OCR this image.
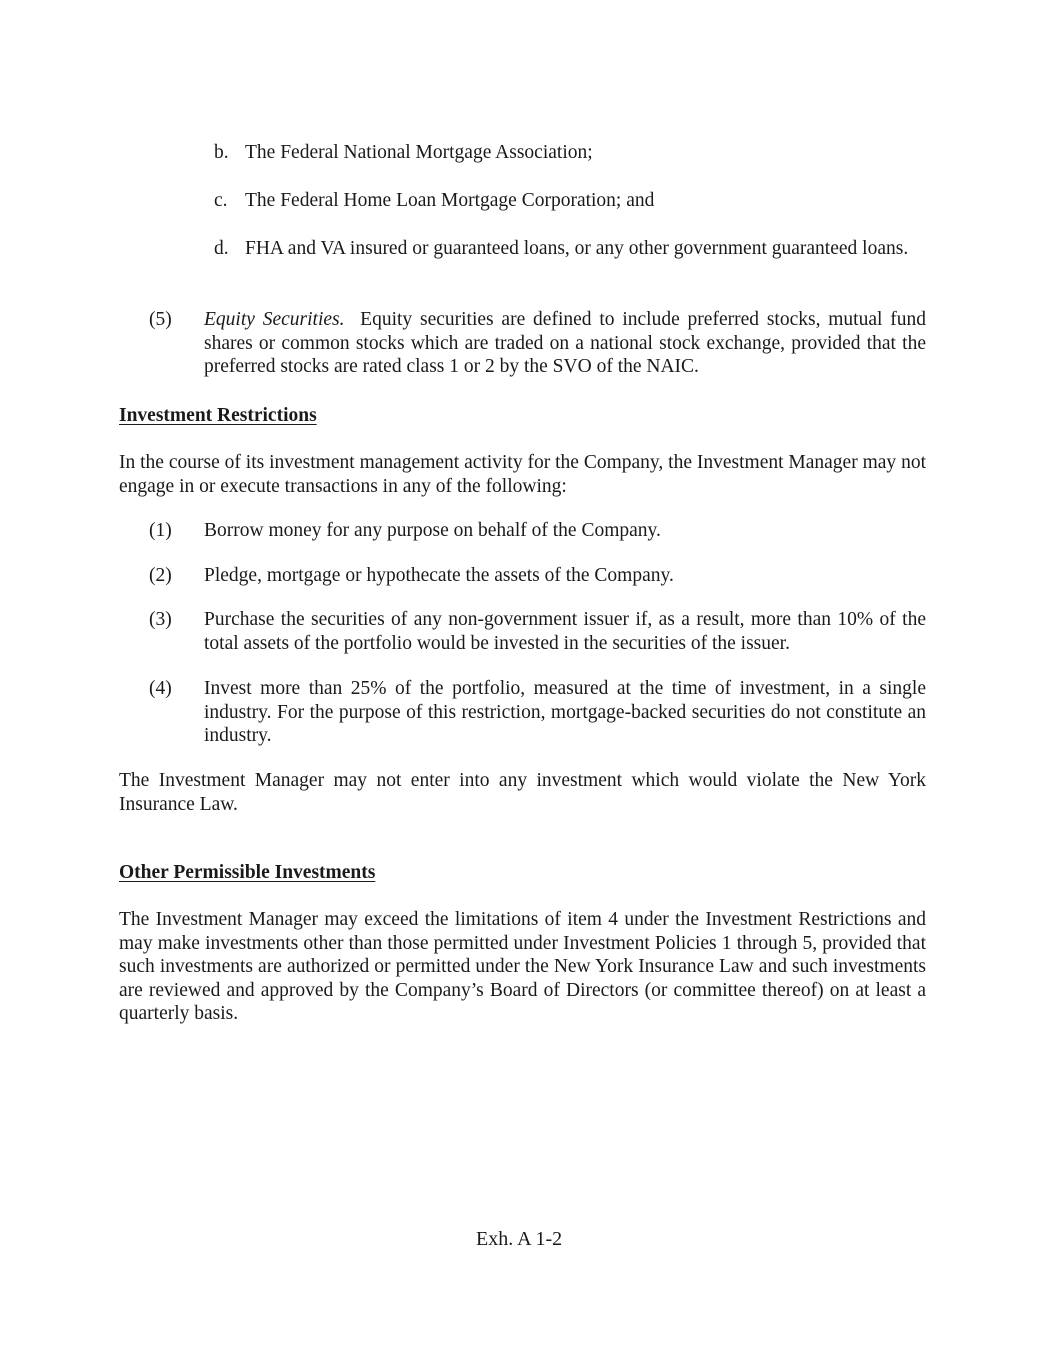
b. The Federal National Mortgage Association;
c. The Federal Home Loan Mortgage Corporation; and
d. FHA and VA insured or guaranteed loans, or any other government guaranteed loans.
(5) Equity Securities. Equity securities are defined to include preferred stocks, mutual fund shares or common stocks which are traded on a national stock exchange, provided that the preferred stocks are rated class 1 or 2 by the SVO of the NAIC.
Investment Restrictions
In the course of its investment management activity for the Company, the Investment Manager may not engage in or execute transactions in any of the following:
(1) Borrow money for any purpose on behalf of the Company.
(2) Pledge, mortgage or hypothecate the assets of the Company.
(3) Purchase the securities of any non-government issuer if, as a result, more than 10% of the total assets of the portfolio would be invested in the securities of the issuer.
(4) Invest more than 25% of the portfolio, measured at the time of investment, in a single industry. For the purpose of this restriction, mortgage-backed securities do not constitute an industry.
The Investment Manager may not enter into any investment which would violate the New York Insurance Law.
Other Permissible Investments
The Investment Manager may exceed the limitations of item 4 under the Investment Restrictions and may make investments other than those permitted under Investment Policies 1 through 5, provided that such investments are authorized or permitted under the New York Insurance Law and such investments are reviewed and approved by the Company’s Board of Directors (or committee thereof) on at least a quarterly basis.
Exh. A 1-2
